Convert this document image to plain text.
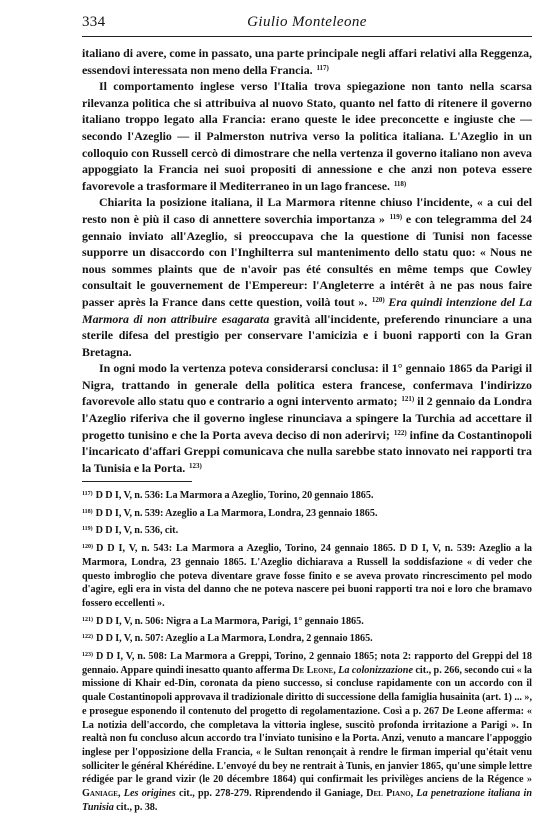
334	Giulio Monteleone

italiano di avere, come in passato, una parte principale negli affari relativi alla Reggenza, essendovi interessata non meno della Francia. $^{117)}$

Il comportamento inglese verso l'Italia trova spiegazione non tanto nella scarsa rilevanza politica che si attribuiva al nuovo Stato, quanto nel fatto di ritenere il governo italiano troppo legato alla Francia: erano queste le idee preconcette e ingiuste che — secondo l'Azeglio — il Palmerston nutriva verso la politica italiana. L'Azeglio in un colloquio con Russell cercò di dimostrare che nella vertenza il governo italiano non aveva appoggiato la Francia nei suoi propositi di annessione e che anzi non poteva essere favorevole a trasformare il Mediterraneo in un lago francese. $^{118)}$

Chiarita la posizione italiana, il La Marmora ritenne chiuso l'incidente, « a cui del resto non è più il caso di annettere soverchia importanza » $^{119)}$ e con telegramma del 24 gennaio inviato all'Azeglio, si preoccupava che la questione di Tunisi non facesse supporre un disaccordo con l'Inghilterra sul mantenimento dello statu quo: « Nous ne nous sommes plaints que de n'avoir pas été consultés en même temps que Cowley consultait le gouvernement de l'Empereur: l'Angleterre a intérêt à ne pas nous faire passer après la France dans cette question, voilà tout ». $^{120)}$ Era quindi intenzione del La Marmora di non attribuire esagarata gravità all'incidente, preferendo rinunciare a una sterile difesa del prestigio per conservare l'amicizia e i buoni rapporti con la Gran Bretagna.

In ogni modo la vertenza poteva considerarsi conclusa: il 1° gennaio 1865 da Parigi il Nigra, trattando in generale della politica estera francese, confermava l'indirizzo favorevole allo statu quo e contrario a ogni intervento armato; $^{121)}$ il 2 gennaio da Londra l'Azeglio riferiva che il governo inglese rinunciava a spingere la Turchia ad accettare il progetto tunisino e che la Porta aveva deciso di non aderirvi; $^{122)}$ infine da Costantinopoli l'incaricato d'affari Greppi comunicava che nulla sarebbe stato innovato nei rapporti tra la Tunisia e la Porta. $^{123)}$

$^{117)}$ D D I, V, n. 536: La Marmora a Azeglio, Torino, 20 gennaio 1865.
$^{118)}$ D D I, V, n. 539: Azeglio a La Marmora, Londra, 23 gennaio 1865.
$^{119)}$ D D I, V, n. 536, cit.
$^{120)}$ D D I, V, n. 543: La Marmora a Azeglio, Torino, 24 gennaio 1865. D D I, V, n. 539: Azeglio a la Marmora, Londra, 23 gennaio 1865. L'Azeglio dichiarava a Russell la soddisfazione « di veder che questo imbroglio che poteva diventare grave fosse finito e se aveva provato rincrescimento pel modo d'agire, egli era in vista del danno che ne poteva nascere pei buoni rapporti tra noi e loro che bramavo fossero eccellenti ».
$^{121)}$ D D I, V, n. 506: Nigra a La Marmora, Parigi, 1° gennaio 1865.
$^{122)}$ D D I, V, n. 507: Azeglio a La Marmora, Londra, 2 gennaio 1865.
$^{123)}$ D D I, V, n. 508: La Marmora a Greppi, Torino, 2 gennaio 1865; nota 2: rapporto del Greppi del 18 gennaio. Appare quindi inesatto quanto afferma De Leone, La colonizzazione cit., p. 266, secondo cui « la missione di Khair ed-Din, coronata da pieno successo, si concluse rapidamente con un accordo con il quale Costantinopoli approvava il tradizionale diritto di successione della famiglia husainita (art. 1) ... », e prosegue esponendo il contenuto del progetto di regolamentazione. Così a p. 267 De Leone afferma: « La notizia dell'accordo, che completava la vittoria inglese, suscitò profonda irritazione a Parigi ». In realtà non fu concluso alcun accordo tra l'inviato tunisino e la Porta. Anzi, venuto a mancare l'appoggio inglese per l'opposizione della Francia, « le Sultan renonçait à rendre le firman imperial qu'était venu solliciter le général Khérédine. L'envoyé du bey ne rentrait à Tunis, en janvier 1865, qu'une simple lettre rédigée par le grand vizir (le 20 décembre 1864) qui confirmait les privilèges anciens de la Régence » Ganiage, Les origines cit., pp. 278-279. Riprendendo il Ganiage, Del Piano, La penetrazione italiana in Tunisia cit., p. 38.
